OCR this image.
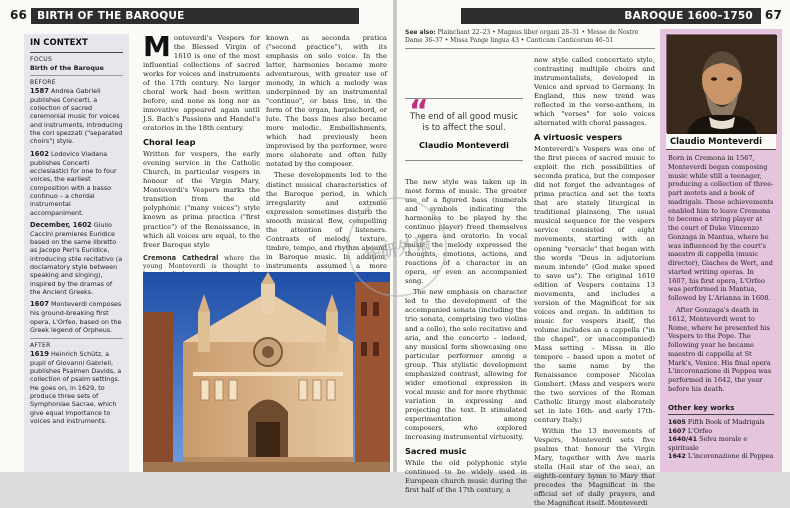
66 BIRTH OF THE BAROQUE
IN CONTEXT
FOCUS
Birth of the Baroque
BEFORE
1587 Andrea Gabrieli publishes Concerti, a collection of sacred ceremonial music for voices and instruments, introducing the cori spezzati ("separated choirs") style.
1602 Lodovico Viadana publishes Concerti ecclesiastici for one to four voices, the earliest composition with a basso continuo – a chordal instrumental accompaniment.
December, 1602 Giulio Caccini premieres Euridice based on the same libretto as Jacopo Peri's Euridice, introducing stile recitativo (a doclamatory style between speaking and singing), inspired by the dramas of the Ancient Greeks.
1607 Monteverdi composes his ground-breaking first opera, L'Orfeo, based on the Greek legend of Orpheus.
AFTER
1619 Heinrich Schütz, a pupil of Giovanni Gabrieli, publishes Psalmen Davids, a collection of psalm settings. He goes on, in 1629, to produce three sets of Symphoniae Sacrae, which give equal importance to voices and instruments.

Monteverdi's Vespers for the Blessed Virgin of 1610 is one of the most influential collections of sacred works for voices and instruments of the 17th century. No larger choral work had been written before, and none as long nor as innovative appeared again until J.S. Bach's Passions and Handel's oratorios in the 18th century.

Choral leap

Written for vespers, the early evening service in the Catholic Church, in particular vespers in honour of the Virgin Mary, Monteverdi's Vespers marks the transition from the old polyphonic ("many voices") style known as prima practica ("first practice") of the Renaissance, in which all voices are equal, to the freer Baroque style

Cremona Cathedral where the young Monteverdi is thought to

known as seconda pratica ("second practice"), with its emphasis on solo voice. In the latter, harmonies became more adventurous, with greater use of monody, in which a melody was underpinned by an instrumental "continuo", or bass line, in the form of the organ, harpsichord, or lute. The bass lines also became more melodic. Embellishments, which had previously been improvised by the performer, were more elaborate and often fully notated by the composer.

These developments led to the distinct musical characteristics of the Baroque period, in which irregularity and extreme expression sometimes disturb the smooth musical flow, compelling the attention of listeners. Contrasts of melody, texture, timbre, tempo, and rhythm abound in Baroque music. In addition, instruments assumed a more

BAROQUE 1600–1750 67
See also: Plainchant 22–23 • Magnus liber organi 28–31 • Messe de Nostre Dame 36–37 • Missa Pange lingua 43 • Canticum Canticorum 46–51
“
The end of all good music is to affect the soul.
Claudio Monteverdi

The new style was taken up in most forms of music. The greater use of a figured bass (numerals and symbols indicating the harmonies to be played by the continuo player) freed themselves to opera and oratorio. In vocal music, the melody expressed the thoughts, emotions, actions, and reactions of a character in an opera, or even an accompanied song.

The new emphasis on character led to the development of the accompanied sonata (including the trio sonata, comprising two violins and a cello), the solo recitative and aria, and the concerto – indeed, any musical form showcasing one particular performer among a group. This stylistic development emphasized contrast, allowing for wider emotional expression in vocal music and for more rhythmic variation in expressing and projecting the text. It stimulated experimentation among composers, who explored increasing instrumental virtuosity.

Sacred music

While the old polyphonic style continued to be widely used in European church music during the first half of the 17th century, a

new style called concertato style, contrasting multiple choirs and instrumentalists, developed in Venice and spread to Germany. In England, this new trend was reflected in the verse-anthem, in which "verses" for solo voices alternated with choral passages.

A virtuosic vespers

Monteverdi's Vespers was one of the first pieces of sacred music to exploit the rich possibilities of seconda pratica, but the composer did not forget the advantages of prima practica and set the texts that are stately liturgical in traditional plainsong. The usual musical sequence for the vespers service consisted of eight movements, starting with an opening "versicle" that began with the words "Deus in adjutorium meum intende" (God make speed to save us"). The original 1610 edition of Vespers contains 13 movements, and includes a version of the Magnificat for six voices and organ. In addition to music for vespers itself, the volume includes an a cappella ("in the chapel", or unaccompanied) Mass setting – Missa in illo tempore – based upon a motet of the same name by the Renaissance composer Nicolas Gombert. (Mass and vespers were the two services of the Roman Catholic liturgy most elaborately set in late 16th- and early 17th-century Italy.)

Within the 13 movements of Vespers, Monteverdi sets five psalms that honour the Virgin Mary, together with Ave maris stella (Hail star of the sea), an eighth-century hymn to Mary that precedes the Magnificat in the official set of daily prayers, and the Magnificat itself. Monteverdi

Claudio Monteverdi

Born in Cremona in 1567, Monteverdi began composing music while still a teenager, producing a collection of three-part motets and a book of madrigals. These achievements enabled him to leave Cremona to become a string player at the court of Duke Vincenzo Gonzaga in Mantua, where he was influenced by the court's maestro di cappella (music director), Giaches de Wert, and started writing operas. In 1607, his first opera, L'Orfeo was performed in Mantua, followed by L'Arianna in 1608.

After Gonzaga's death in 1612, Monteverdi went to Rome, where he presented his Vespers to the Pope. The following year he became maestro di cappella at St Mark's, Venice. His final opera L'incoronazione di Poppea was performed in 1642, the year before his death.

Other key works
1605 Fifth Book of Madrigals
1607 L'Orfeo
1640/41 Selva morale e spirituale
1642 L'incoronazione di Poppea
华研外语
